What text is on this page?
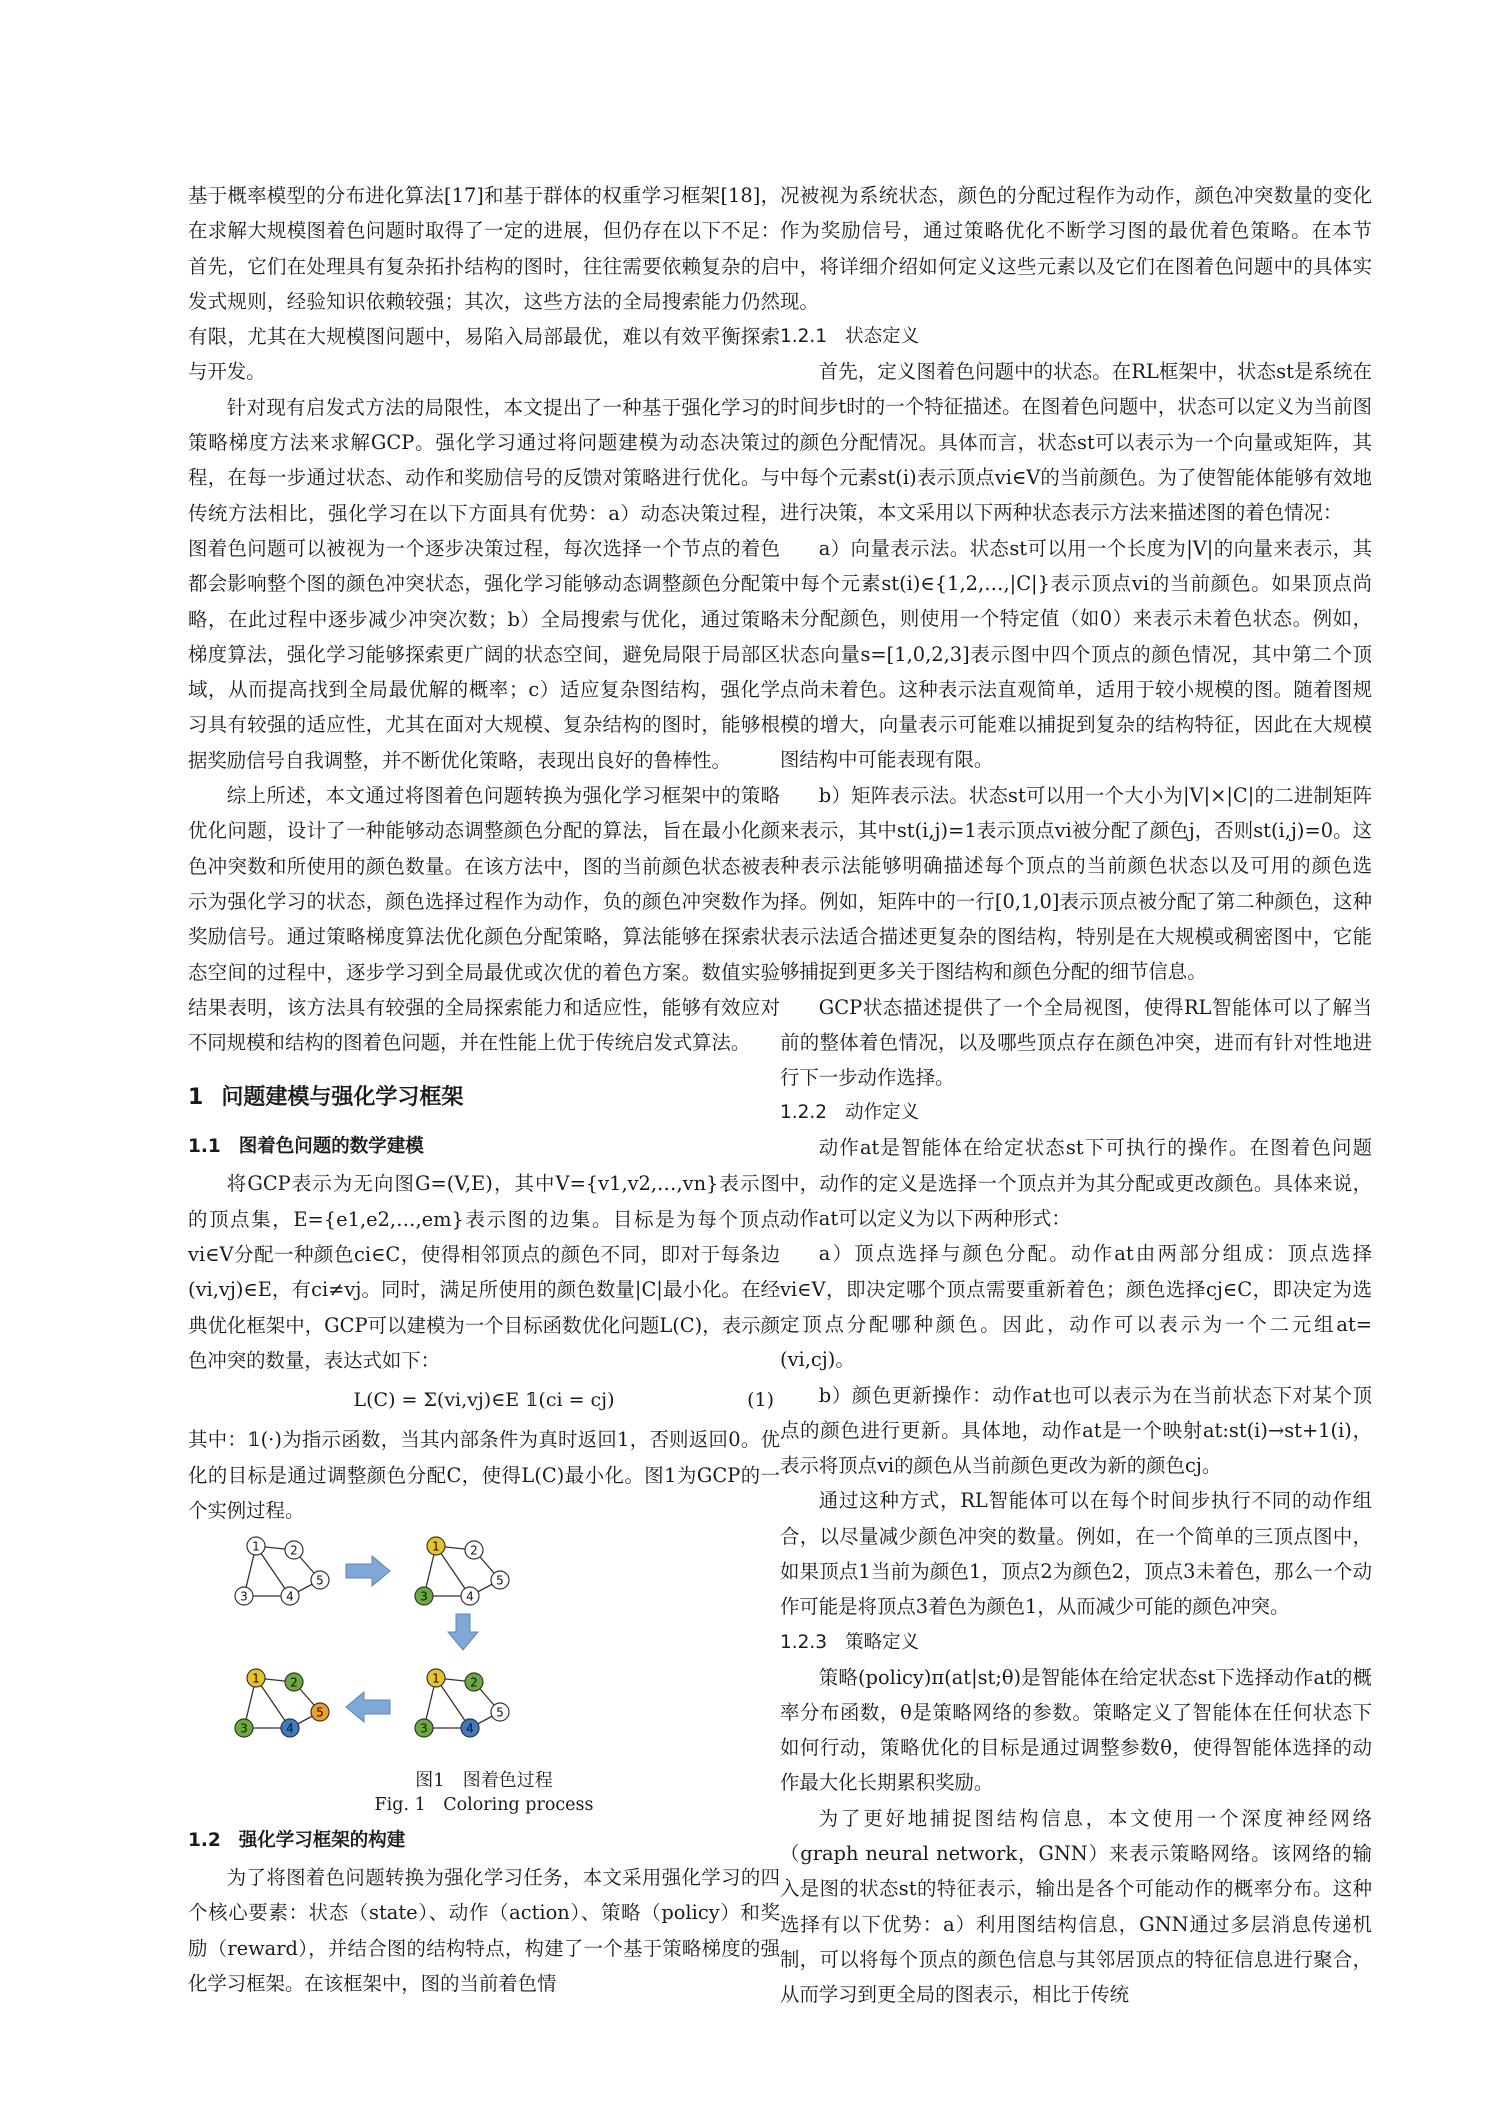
基于概率模型的分布进化算法[17]和基于群体的权重学习框架[18]，在求解大规模图着色问题时取得了一定的进展，但仍存在以下不足：首先，它们在处理具有复杂拓扑结构的图时，往往需要依赖复杂的启发式规则，经验知识依赖较强；其次，这些方法的全局搜索能力仍然有限，尤其在大规模图问题中，易陷入局部最优，难以有效平衡探索与开发。

针对现有启发式方法的局限性，本文提出了一种基于强化学习的策略梯度方法来求解GCP。强化学习通过将问题建模为动态决策过程，在每一步通过状态、动作和奖励信号的反馈对策略进行优化。与传统方法相比，强化学习在以下方面具有优势：a）动态决策过程，图着色问题可以被视为一个逐步决策过程，每次选择一个节点的着色都会影响整个图的颜色冲突状态，强化学习能够动态调整颜色分配策略，在此过程中逐步减少冲突次数；b）全局搜索与优化，通过策略梯度算法，强化学习能够探索更广阔的状态空间，避免局限于局部区域，从而提高找到全局最优解的概率；c）适应复杂图结构，强化学习具有较强的适应性，尤其在面对大规模、复杂结构的图时，能够根据奖励信号自我调整，并不断优化策略，表现出良好的鲁棒性。

综上所述，本文通过将图着色问题转换为强化学习框架中的策略优化问题，设计了一种能够动态调整颜色分配的算法，旨在最小化颜色冲突数和所使用的颜色数量。在该方法中，图的当前颜色状态被表示为强化学习的状态，颜色选择过程作为动作，负的颜色冲突数作为奖励信号。通过策略梯度算法优化颜色分配策略，算法能够在探索状态空间的过程中，逐步学习到全局最优或次优的着色方案。数值实验结果表明，该方法具有较强的全局探索能力和适应性，能够有效应对不同规模和结构的图着色问题，并在性能上优于传统启发式算法。

1 问题建模与强化学习框架
1.1 图着色问题的数学建模

将GCP表示为无向图G=(V,E)，其中V={v1,v2,…,vn}表示图的顶点集，E={e1,e2,…,em}表示图的边集。目标是为每个顶点vi∈V分配一种颜色ci∈C，使得相邻顶点的颜色不同，即对于每条边(vi,vj)∈E，有ci≠vj。同时，满足所使用的颜色数量|C|最小化。在经典优化框架中，GCP可以建模为一个目标函数优化问题L(C)，表示颜色冲突的数量，表达式如下：

L(C) = Σ(vi,vj)∈E 𝟙(ci = cj)	(1)

其中：𝟙(·)为指示函数，当其内部条件为真时返回1，否则返回0。优化的目标是通过调整颜色分配C，使得L(C)最小化。图1为GCP的一个实例过程。

1	2
3	4
5
1	2
3	4
5
1	2
3	4
5
1	2
3	4
5
图1　图着色过程
Fig. 1　Coloring process
1.2 强化学习框架的构建

为了将图着色问题转换为强化学习任务，本文采用强化学习的四个核心要素：状态（state）、动作（action）、策略（policy）和奖励（reward），并结合图的结构特点，构建了一个基于策略梯度的强化学习框架。在该框架中，图的当前着色情

况被视为系统状态，颜色的分配过程作为动作，颜色冲突数量的变化作为奖励信号，通过策略优化不断学习图的最优着色策略。在本节中，将详细介绍如何定义这些元素以及它们在图着色问题中的具体实现。

1.2.1 状态定义

首先，定义图着色问题中的状态。在RL框架中，状态st是系统在时间步t时的一个特征描述。在图着色问题中，状态可以定义为当前图的颜色分配情况。具体而言，状态st可以表示为一个向量或矩阵，其中每个元素st(i)表示顶点vi∈V的当前颜色。为了使智能体能够有效地进行决策，本文采用以下两种状态表示方法来描述图的着色情况：

a）向量表示法。状态st可以用一个长度为|V|的向量来表示，其中每个元素st(i)∈{1,2,…,|C|}表示顶点vi的当前颜色。如果顶点尚未分配颜色，则使用一个特定值（如0）来表示未着色状态。例如，状态向量s=[1,0,2,3]表示图中四个顶点的颜色情况，其中第二个顶点尚未着色。这种表示法直观简单，适用于较小规模的图。随着图规模的增大，向量表示可能难以捕捉到复杂的结构特征，因此在大规模图结构中可能表现有限。

b）矩阵表示法。状态st可以用一个大小为|V|×|C|的二进制矩阵来表示，其中st(i,j)=1表示顶点vi被分配了颜色j，否则st(i,j)=0。这种表示法能够明确描述每个顶点的当前颜色状态以及可用的颜色选择。例如，矩阵中的一行[0,1,0]表示顶点被分配了第二种颜色，这种表示法适合描述更复杂的图结构，特别是在大规模或稠密图中，它能够捕捉到更多关于图结构和颜色分配的细节信息。

GCP状态描述提供了一个全局视图，使得RL智能体可以了解当前的整体着色情况，以及哪些顶点存在颜色冲突，进而有针对性地进行下一步动作选择。

1.2.2 动作定义

动作at是智能体在给定状态st下可执行的操作。在图着色问题中，动作的定义是选择一个顶点并为其分配或更改颜色。具体来说，动作at可以定义为以下两种形式：

a）顶点选择与颜色分配。动作at由两部分组成：顶点选择vi∈V，即决定哪个顶点需要重新着色；颜色选择cj∈C，即决定为选定顶点分配哪种颜色。因此，动作可以表示为一个二元组at=(vi,cj)。

b）颜色更新操作：动作at也可以表示为在当前状态下对某个顶点的颜色进行更新。具体地，动作at是一个映射at:st(i)→st+1(i)，表示将顶点vi的颜色从当前颜色更改为新的颜色cj。

通过这种方式，RL智能体可以在每个时间步执行不同的动作组合，以尽量减少颜色冲突的数量。例如，在一个简单的三顶点图中，如果顶点1当前为颜色1，顶点2为颜色2，顶点3未着色，那么一个动作可能是将顶点3着色为颜色1，从而减少可能的颜色冲突。

1.2.3 策略定义

策略(policy)π(at|st;θ)是智能体在给定状态st下选择动作at的概率分布函数，θ是策略网络的参数。策略定义了智能体在任何状态下如何行动，策略优化的目标是通过调整参数θ，使得智能体选择的动作最大化长期累积奖励。

为了更好地捕捉图结构信息，本文使用一个深度神经网络（graph neural network，GNN）来表示策略网络。该网络的输入是图的状态st的特征表示，输出是各个可能动作的概率分布。这种选择有以下优势：a）利用图结构信息，GNN通过多层消息传递机制，可以将每个顶点的颜色信息与其邻居顶点的特征信息进行聚合，从而学习到更全局的图表示，相比于传统
